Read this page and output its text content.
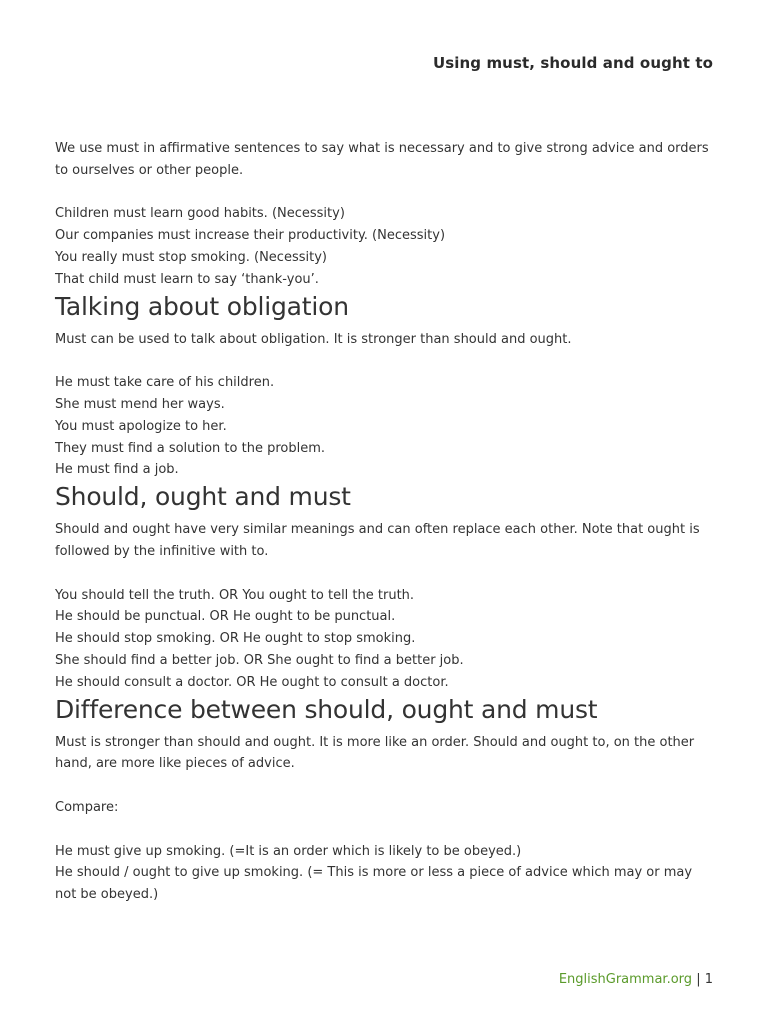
Using must, should and ought to

We use must in affirmative sentences to say what is necessary and to give strong advice and orders to ourselves or other people.

Children must learn good habits. (Necessity)
Our companies must increase their productivity. (Necessity)
You really must stop smoking. (Necessity)
That child must learn to say ‘thank-you’.
Talking about obligation

Must can be used to talk about obligation. It is stronger than should and ought.

He must take care of his children.
She must mend her ways.
You must apologize to her.
They must find a solution to the problem.
He must find a job.
Should, ought and must

Should and ought have very similar meanings and can often replace each other. Note that ought is followed by the infinitive with to.

You should tell the truth. OR You ought to tell the truth.
He should be punctual. OR He ought to be punctual.
He should stop smoking. OR He ought to stop smoking.
She should find a better job. OR She ought to find a better job.
He should consult a doctor. OR He ought to consult a doctor.
Difference between should, ought and must

Must is stronger than should and ought. It is more like an order. Should and ought to, on the other hand, are more like pieces of advice.

Compare:

He must give up smoking. (=It is an order which is likely to be obeyed.)
He should / ought to give up smoking. (= This is more or less a piece of advice which may or may not be obeyed.)
EnglishGrammar.org | 1
